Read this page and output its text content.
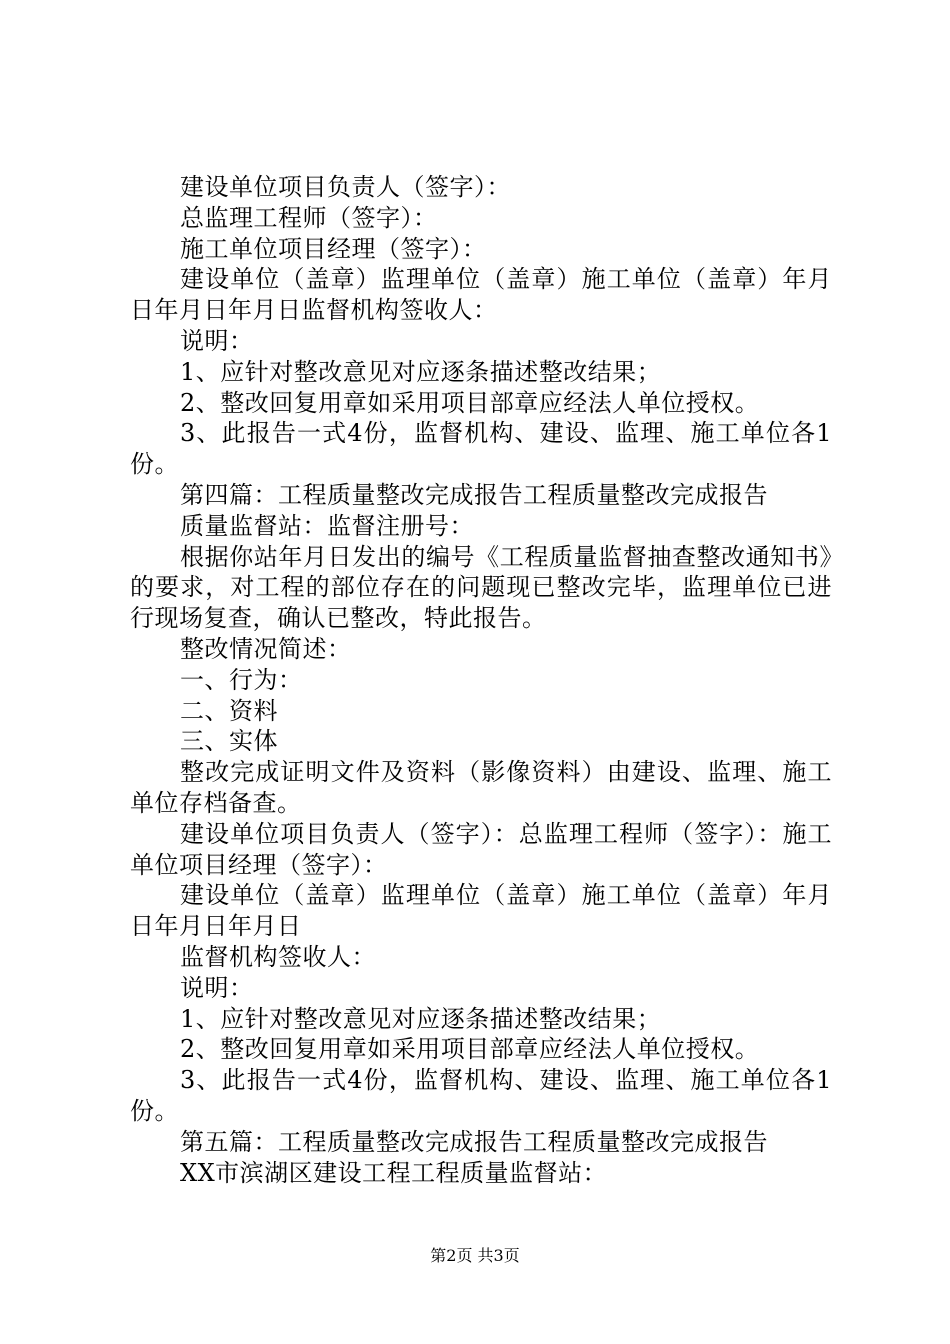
建设单位项目负责人（签字）：

总监理工程师（签字）：

施工单位项目经理（签字）：

建设单位（盖章）监理单位（盖章）施工单位（盖章）年月日年月日年月日监督机构签收人：

说明：

1、应针对整改意见对应逐条描述整改结果；

2、整改回复用章如采用项目部章应经法人单位授权。

3、此报告一式4份，监督机构、建设、监理、施工单位各1份。

第四篇：工程质量整改完成报告工程质量整改完成报告

质量监督站：监督注册号：

根据你站年月日发出的编号《工程质量监督抽查整改通知书》的要求，对工程的部位存在的问题现已整改完毕，监理单位已进行现场复查，确认已整改，特此报告。

整改情况简述：

一、行为：

二、资料

三、实体

整改完成证明文件及资料（影像资料）由建设、监理、施工单位存档备查。

建设单位项目负责人（签字）：总监理工程师（签字）：施工单位项目经理（签字）：

建设单位（盖章）监理单位（盖章）施工单位（盖章）年月日年月日年月日

监督机构签收人：

说明：

1、应针对整改意见对应逐条描述整改结果；

2、整改回复用章如采用项目部章应经法人单位授权。

3、此报告一式4份，监督机构、建设、监理、施工单位各1份。

第五篇：工程质量整改完成报告工程质量整改完成报告

XX市滨湖区建设工程工程质量监督站：

第2页 共3页
